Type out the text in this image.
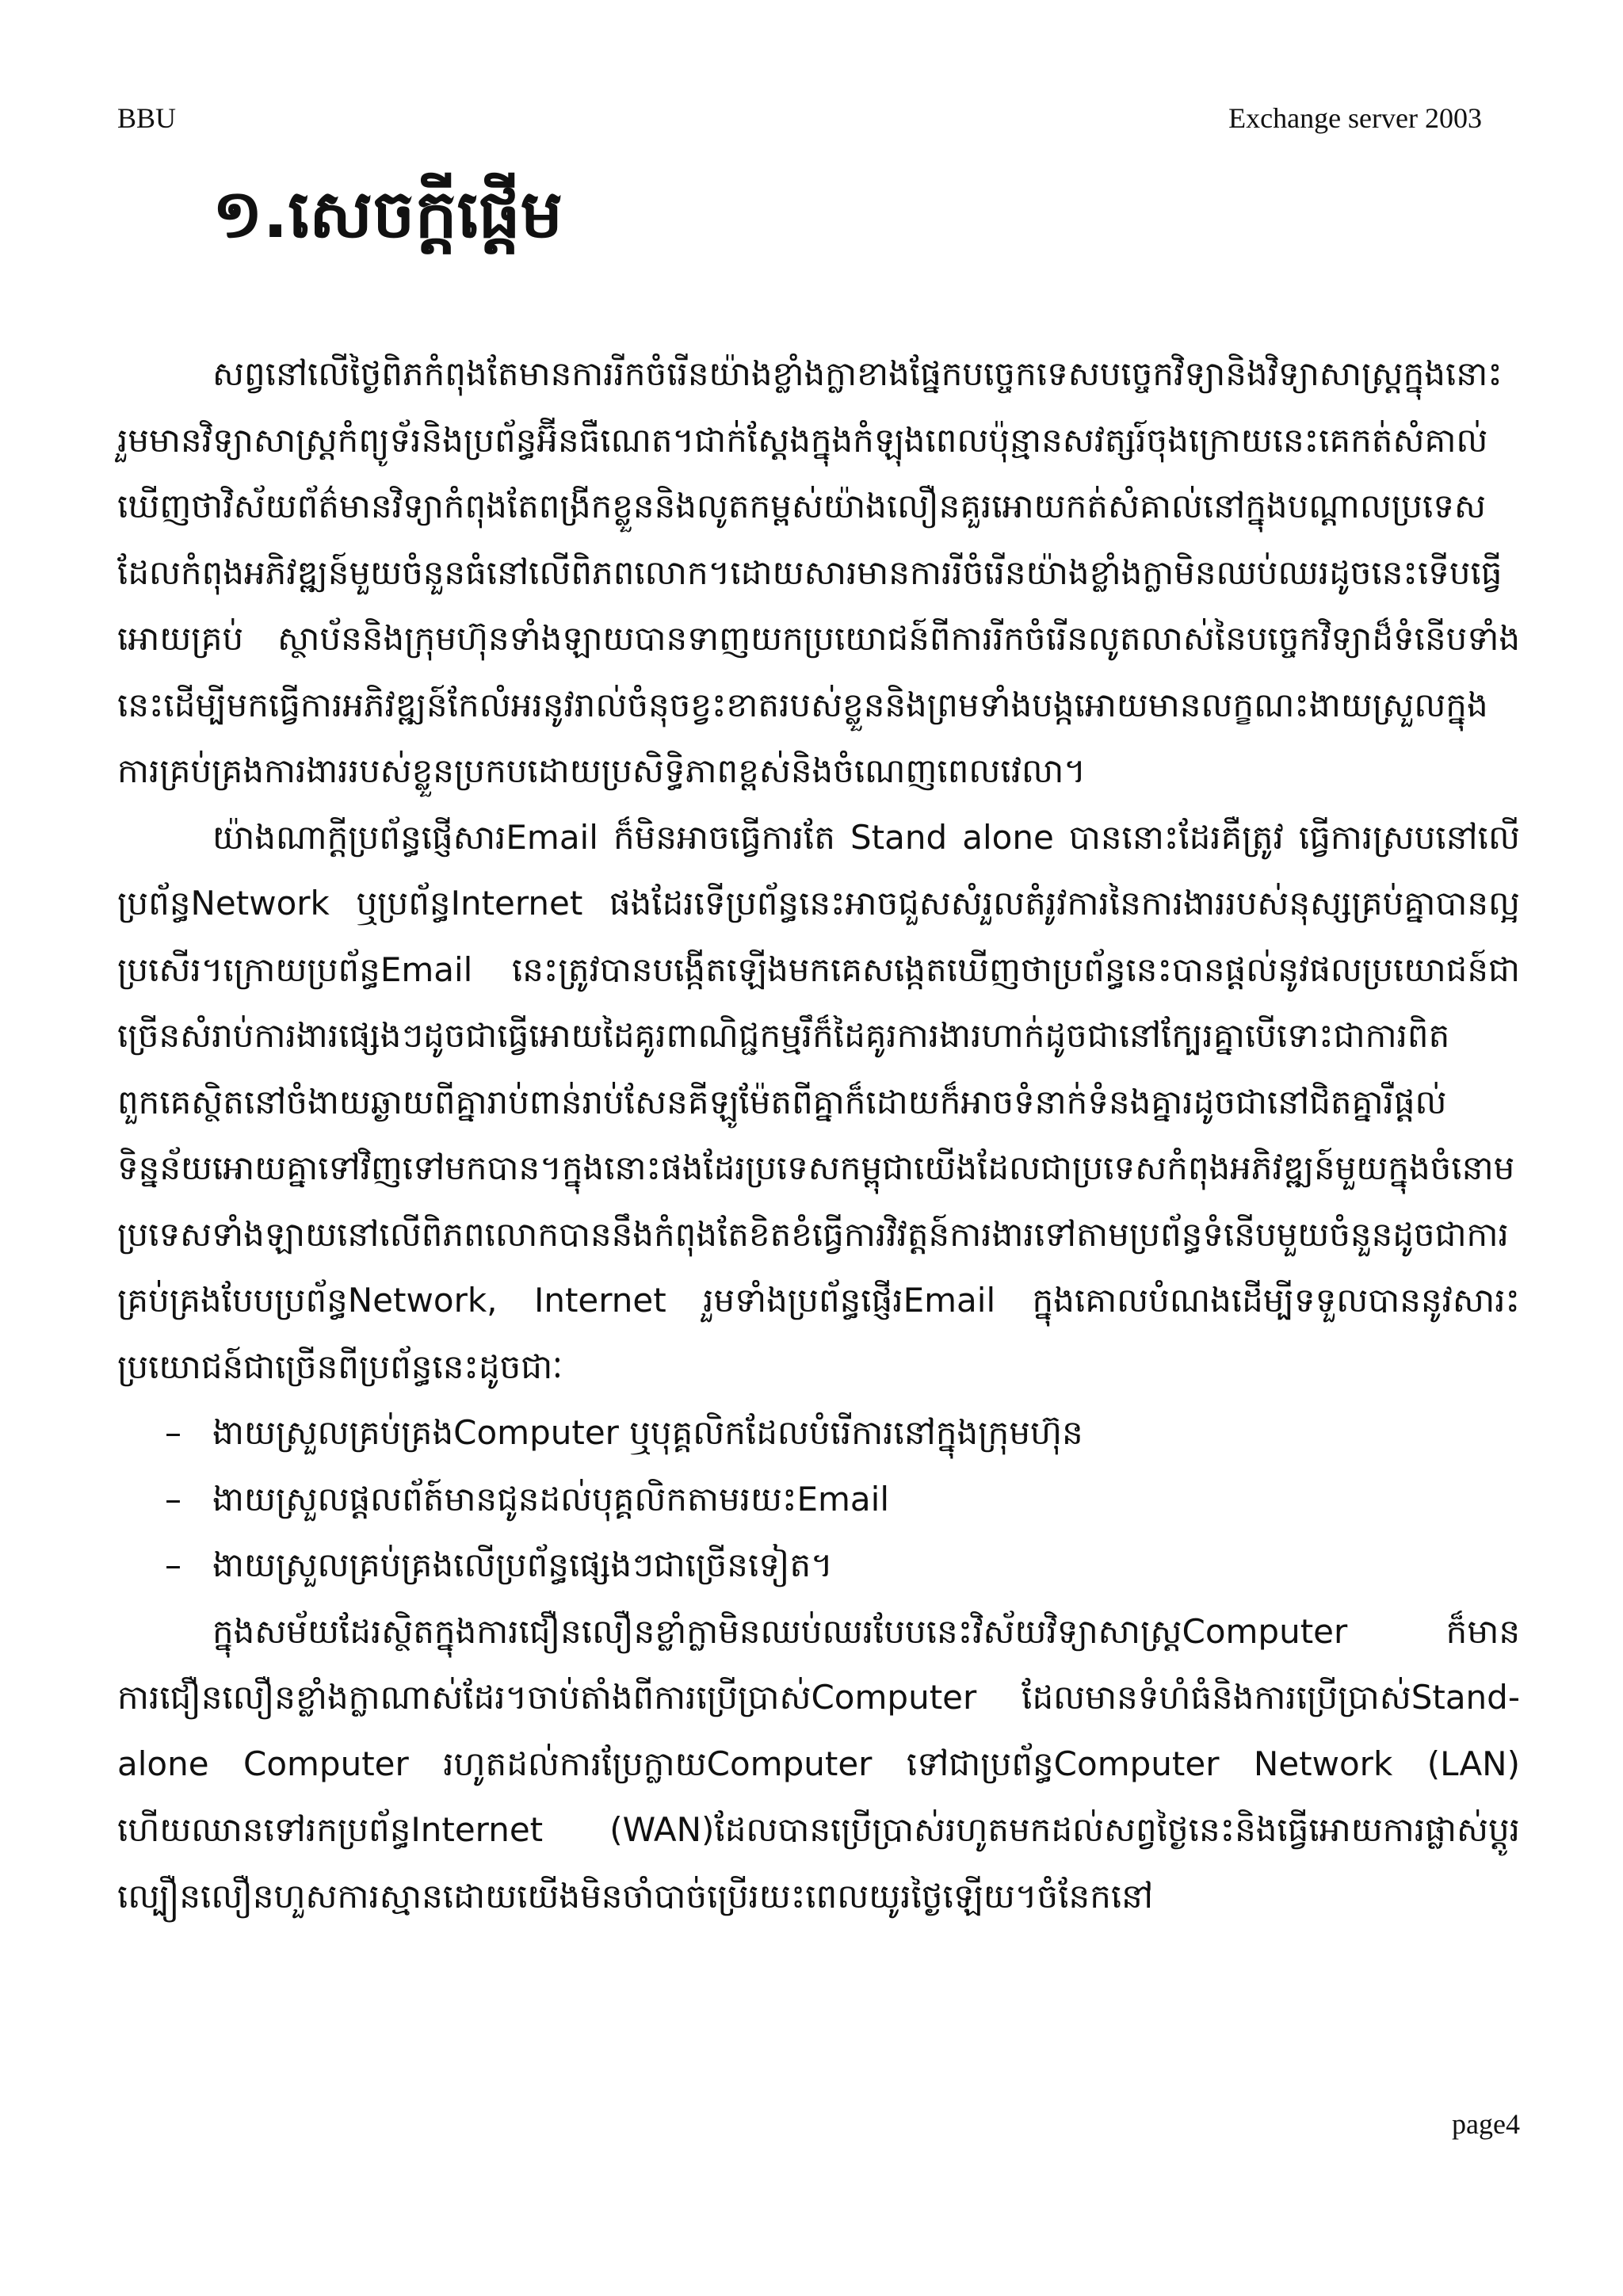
BBU	Exchange server 2003
១.សេចក្តីផ្តើម

សព្វនៅលើថ្ងៃពិភកំពុងតែមានការរីកចំរើនយ៉ាងខ្លាំងក្លាខាងផ្នែកបច្ចេកទេសបច្ចេកវិទ្យានិងវិទ្យាសាស្ត្រក្នុងនោះរួមមានវិទ្យាសាស្ត្រកំព្យូទ័រនិងប្រព័ន្ធអ៊ីនធឺណេត។ជាក់ស្តែងក្នុងកំឡុងពេលប៉ុន្មានសវត្សរ៍ចុងក្រោយនេះគេកត់សំគាល់ឃើញថាវិស័យព័ត៌មានវិទ្យាកំពុងតែពង្រីកខ្លួននិងលូតកម្ពស់យ៉ាងលឿនគួរអោយកត់សំគាល់នៅក្នុងបណ្តាលប្រទេសដែលកំពុងអភិវឌ្ឍន៍មួយចំនួនធំនៅលើពិភពលោក។ដោយសារមានការរីចំរើនយ៉ាងខ្លាំងក្លាមិនឈប់ឈរដូចនេះទើបធ្វើអោយគ្រប់ ស្ថាប័ននិងក្រុមហ៊ុនទាំងឡាយបានទាញយកប្រយោជន៍ពីការរីកចំរើនលូតលាស់នៃបច្ចេកវិទ្យាដ៏ទំនើបទាំងនេះដើម្បីមកធ្វើការអភិវឌ្ឍន៍កែលំអរនូវរាល់ចំនុចខ្វះខាតរបស់ខ្លួននិងព្រមទាំងបង្កអោយមានលក្ខណះងាយស្រួលក្នុងការគ្រប់គ្រងការងាររបស់ខ្លួនប្រកបដោយប្រសិទ្ធិភាពខ្ពស់និងចំណេញពេលវេលា។

យ៉ាងណាក្តីប្រព័ន្ធផ្ញើសារEmail ក៏មិនអាចធ្វើការតែ Stand alone បាននោះដែរគឺត្រូវ ធ្វើការស្របនៅលើប្រព័ន្ធNetwork ឬប្រព័ន្ធInternet ផងដែរទើប្រព័ន្ធនេះអាចជួសសំរួលតំរូវការនៃការងាររបស់នុស្សគ្រប់គ្នាបានល្អប្រសើរ។ក្រោយប្រព័ន្ធEmail នេះត្រូវបានបង្កើតឡើងមកគេសង្កេតឃើញថាប្រព័ន្ធនេះបានផ្តល់នូវផលប្រយោជន៍ជាច្រើនសំរាប់ការងារផ្សេងៗដូចជាធ្វើអោយដៃគូរពាណិជ្ជកម្មរឹក៏ដៃគូរការងារហាក់ដូចជានៅក្បែរគ្នាបើទោះជាការពិតពួកគេស្ថិតនៅចំងាយឆ្ងាយពីគ្នារាប់ពាន់រាប់សែនគីឡូម៉ែតពីគ្នាក៏ដោយក៏អាចទំនាក់ទំនងគ្នារដូចជានៅជិតគ្នារឺផ្តល់ទិន្នន័យអោយគ្នាទៅវិញទៅមកបាន។ក្នុងនោះផងដែរប្រទេសកម្ពុជាយើងដែលជាប្រទេសកំពុងអភិវឌ្ឍន៍មួយក្នុងចំនោមប្រទេសទាំងឡាយនៅលើពិភពលោកបាននឹងកំពុងតែខិតខំធ្វើការវិវត្តន៍ការងារទៅតាមប្រព័ន្ធទំនើបមួយចំនួនដូចជាការគ្រប់គ្រងបែបប្រព័ន្ធNetwork, Internet រួមទាំងប្រព័ន្ធផ្ញើរEmail ក្នុងគោលបំណងដើម្បីទទួលបាននូវសារះប្រយោជន៍ជាច្រើនពីប្រព័ន្ធនេះដូចជាៈ

– ងាយស្រួលគ្រប់គ្រងComputer ឬបុគ្គលិកដែលបំរើការនៅក្នុងក្រុមហ៊ុន
– ងាយស្រួលផ្តលព័ត៍មានជូនដល់បុគ្គលិកតាមរយះEmail
– ងាយស្រួលគ្រប់គ្រងលើប្រព័ន្ធផ្សេងៗជាច្រើនទៀត។

ក្នុងសម័យដែរស្ថិតក្នុងការជឿនលឿនខ្លាំក្លាមិនឈប់ឈរបែបនេះវិស័យវិទ្យាសាស្ត្រComputer ក៏មានការជឿនលឿនខ្លាំងក្លាណាស់ដែរ។ចាប់តាំងពីការប្រើប្រាស់Computer ដែលមានទំហំធំនិងការប្រើប្រាស់Stand-alone Computer រហូតដល់ការប្រែក្លាយComputer ទៅជាប្រព័ន្ធComputer Network (LAN) ហើយឈានទៅរកប្រព័ន្ធInternet (WAN)ដែលបានប្រើប្រាស់រហូតមកដល់សព្វថ្ងៃនេះនិងធ្វើអោយការផ្លាស់ប្តូរល្បឿនលឿនហួសការស្មានដោយយើងមិនចាំបាច់ប្រើរយះពេលយូរថ្ងៃឡើយ។ចំនែកនៅ

page4
